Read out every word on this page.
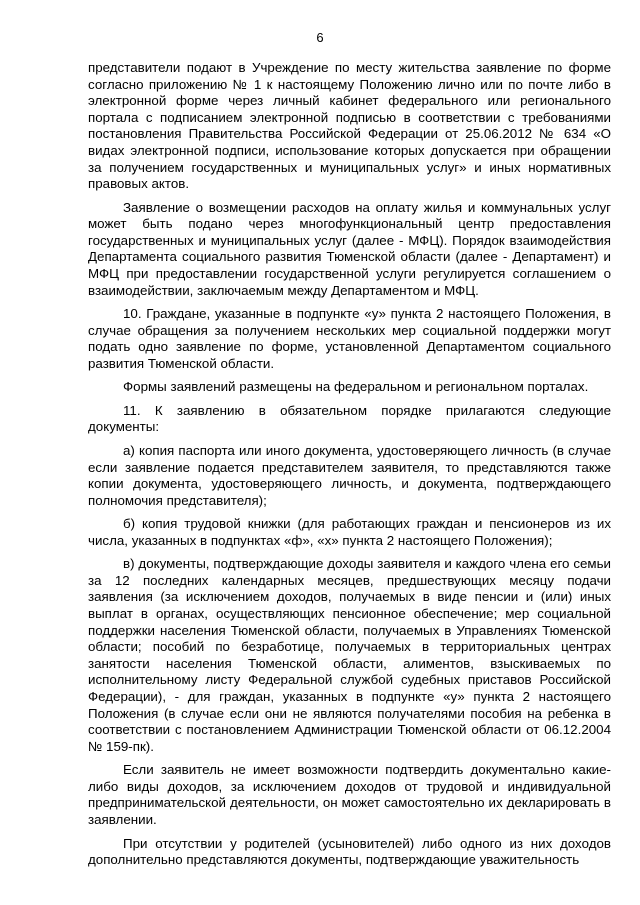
6

представители подают в Учреждение по месту жительства заявление по форме согласно приложению № 1 к настоящему Положению лично или по почте либо в электронной форме через личный кабинет федерального или регионального портала с подписанием электронной подписью в соответствии с требованиями постановления Правительства Российской Федерации от 25.06.2012 № 634 «О видах электронной подписи, использование которых допускается при обращении за получением государственных и муниципальных услуг» и иных нормативных правовых актов.

Заявление о возмещении расходов на оплату жилья и коммунальных услуг может быть подано через многофункциональный центр предоставления государственных и муниципальных услуг (далее - МФЦ). Порядок взаимодействия Департамента социального развития Тюменской области (далее - Департамент) и МФЦ при предоставлении государственной услуги регулируется соглашением о взаимодействии, заключаемым между Департаментом и МФЦ.

10. Граждане, указанные в подпункте «у» пункта 2 настоящего Положения, в случае обращения за получением нескольких мер социальной поддержки могут подать одно заявление по форме, установленной Департаментом социального развития Тюменской области.

Формы заявлений размещены на федеральном и региональном порталах.

11. К заявлению в обязательном порядке прилагаются следующие документы:

а) копия паспорта или иного документа, удостоверяющего личность (в случае если заявление подается представителем заявителя, то представляются также копии документа, удостоверяющего личность, и документа, подтверждающего полномочия представителя);

б) копия трудовой книжки (для работающих граждан и пенсионеров из их числа, указанных в подпунктах «ф», «х» пункта 2 настоящего Положения);

в) документы, подтверждающие доходы заявителя и каждого члена его семьи за 12 последних календарных месяцев, предшествующих месяцу подачи заявления (за исключением доходов, получаемых в виде пенсии и (или) иных выплат в органах, осуществляющих пенсионное обеспечение; мер социальной поддержки населения Тюменской области, получаемых в Управлениях Тюменской области; пособий по безработице, получаемых в территориальных центрах занятости населения Тюменской области, алиментов, взыскиваемых по исполнительному листу Федеральной службой судебных приставов Российской Федерации), - для граждан, указанных в подпункте «у» пункта 2 настоящего Положения (в случае если они не являются получателями пособия на ребенка в соответствии с постановлением Администрации Тюменской области от 06.12.2004 № 159-пк).

Если заявитель не имеет возможности подтвердить документально какие-либо виды доходов, за исключением доходов от трудовой и индивидуальной предпринимательской деятельности, он может самостоятельно их декларировать в заявлении.

При отсутствии у родителей (усыновителей) либо одного из них доходов дополнительно представляются документы, подтверждающие уважительность
